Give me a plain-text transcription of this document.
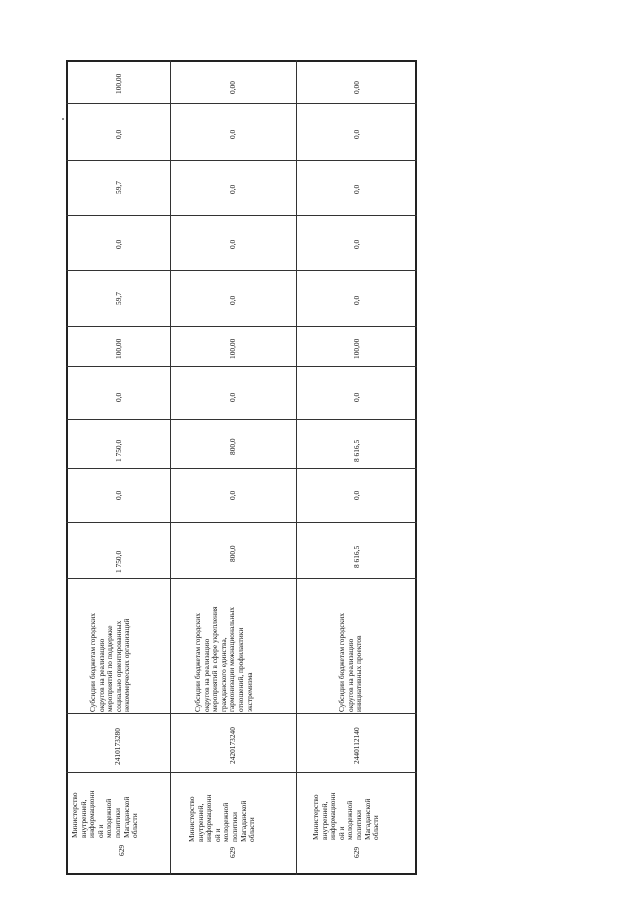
629
Министерство
внутренней,
информационн
ой и
молодежной
политики
Магаданской
области
2410173280
Субсидии бюджетам городских
округов на реализацию
мероприятий по поддержке
социально ориентированных
некоммерческих организаций
1 750,0
0,0
1 750,0
0,0
100,00
59,7
0,0
59,7
0,0
100,00
629
Министерство
внутренней,
информационн
ой и
молодежной
политики
Магаданской
области
2420173240
Субсидии бюджетам городских
округов на реализацию
мероприятий в сфере укрепления
гражданского единства,
гармонизации межнациональных
отношений, профилактики
экстремизма
800,0
0,0
800,0
0,0
100,00
0,0
0,0
0,0
0,0
0,00
629
Министерство
внутренней,
информационн
ой и
молодежной
политики
Магаданской
области
2440112140
Субсидии бюджетам городских
округов на реализацию
инициативных проектов
8 616,5
0,0
8 616,5
0,0
100,00
0,0
0,0
0,0
0,0
0,00
